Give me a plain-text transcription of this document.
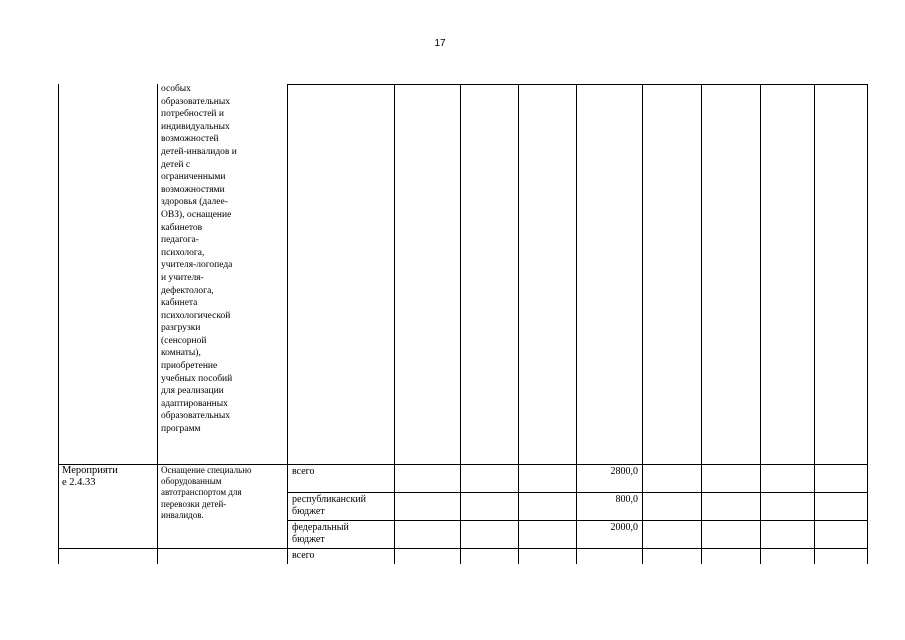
17
особых
образовательных
потребностей и
индивидуальных
возможностей
детей-инвалидов и
детей с
ограниченными
возможностями
здоровья (далее-
ОВЗ), оснащение
кабинетов
педагога-
психолога,
учителя-логопеда
и учителя-
дефектолога,
кабинета
психологической
разгрузки
(сенсорной
комнаты),
приобретение
учебных пособий
для реализации
адаптированных
образовательных
программ
Мероприяти
е 2.4.33
Оснащение специально
оборудованным
автотранспортом для
перевозки детей-
инвалидов.
всего
республиканский
бюджет
федеральный
бюджет
2800,0
800,0
2000,0
всего
